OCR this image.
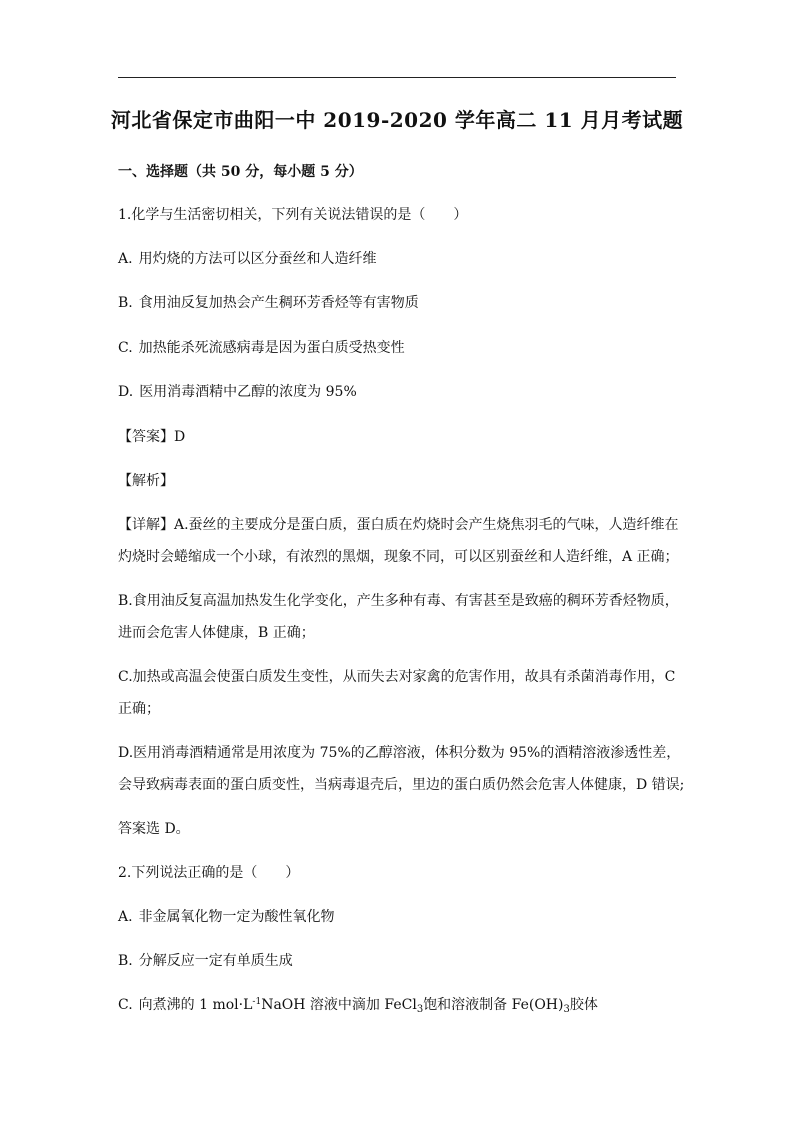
河北省保定市曲阳一中 2019-2020 学年高二 11 月月考试题
一、选择题（共 50 分，每小题 5 分）
1.化学与生活密切相关，下列有关说法错误的是（　　）
A. 用灼烧的方法可以区分蚕丝和人造纤维
B. 食用油反复加热会产生稠环芳香烃等有害物质
C. 加热能杀死流感病毒是因为蛋白质受热变性
D. 医用消毒酒精中乙醇的浓度为 95%
【答案】D
【解析】
【详解】A.蚕丝的主要成分是蛋白质，蛋白质在灼烧时会产生烧焦羽毛的气味，人造纤维在
灼烧时会蜷缩成一个小球，有浓烈的黑烟，现象不同，可以区别蚕丝和人造纤维，A 正确；
B.食用油反复高温加热发生化学变化，产生多种有毒、有害甚至是致癌的稠环芳香烃物质，
进而会危害人体健康，B 正确；
C.加热或高温会使蛋白质发生变性，从而失去对家禽的危害作用，故具有杀菌消毒作用，C
正确；
D.医用消毒酒精通常是用浓度为 75%的乙醇溶液，体积分数为 95%的酒精溶液渗透性差，
会导致病毒表面的蛋白质变性，当病毒退壳后，里边的蛋白质仍然会危害人体健康，D 错误;
答案选 D。
2.下列说法正确的是（　　）
A. 非金属氧化物一定为酸性氧化物
B. 分解反应一定有单质生成
C. 向煮沸的 1 $mol\cdot L^{-1}NaOH$ 溶液中滴加 FeCl$_3$饱和溶液制备 $Fe(OH)_3$胶体
